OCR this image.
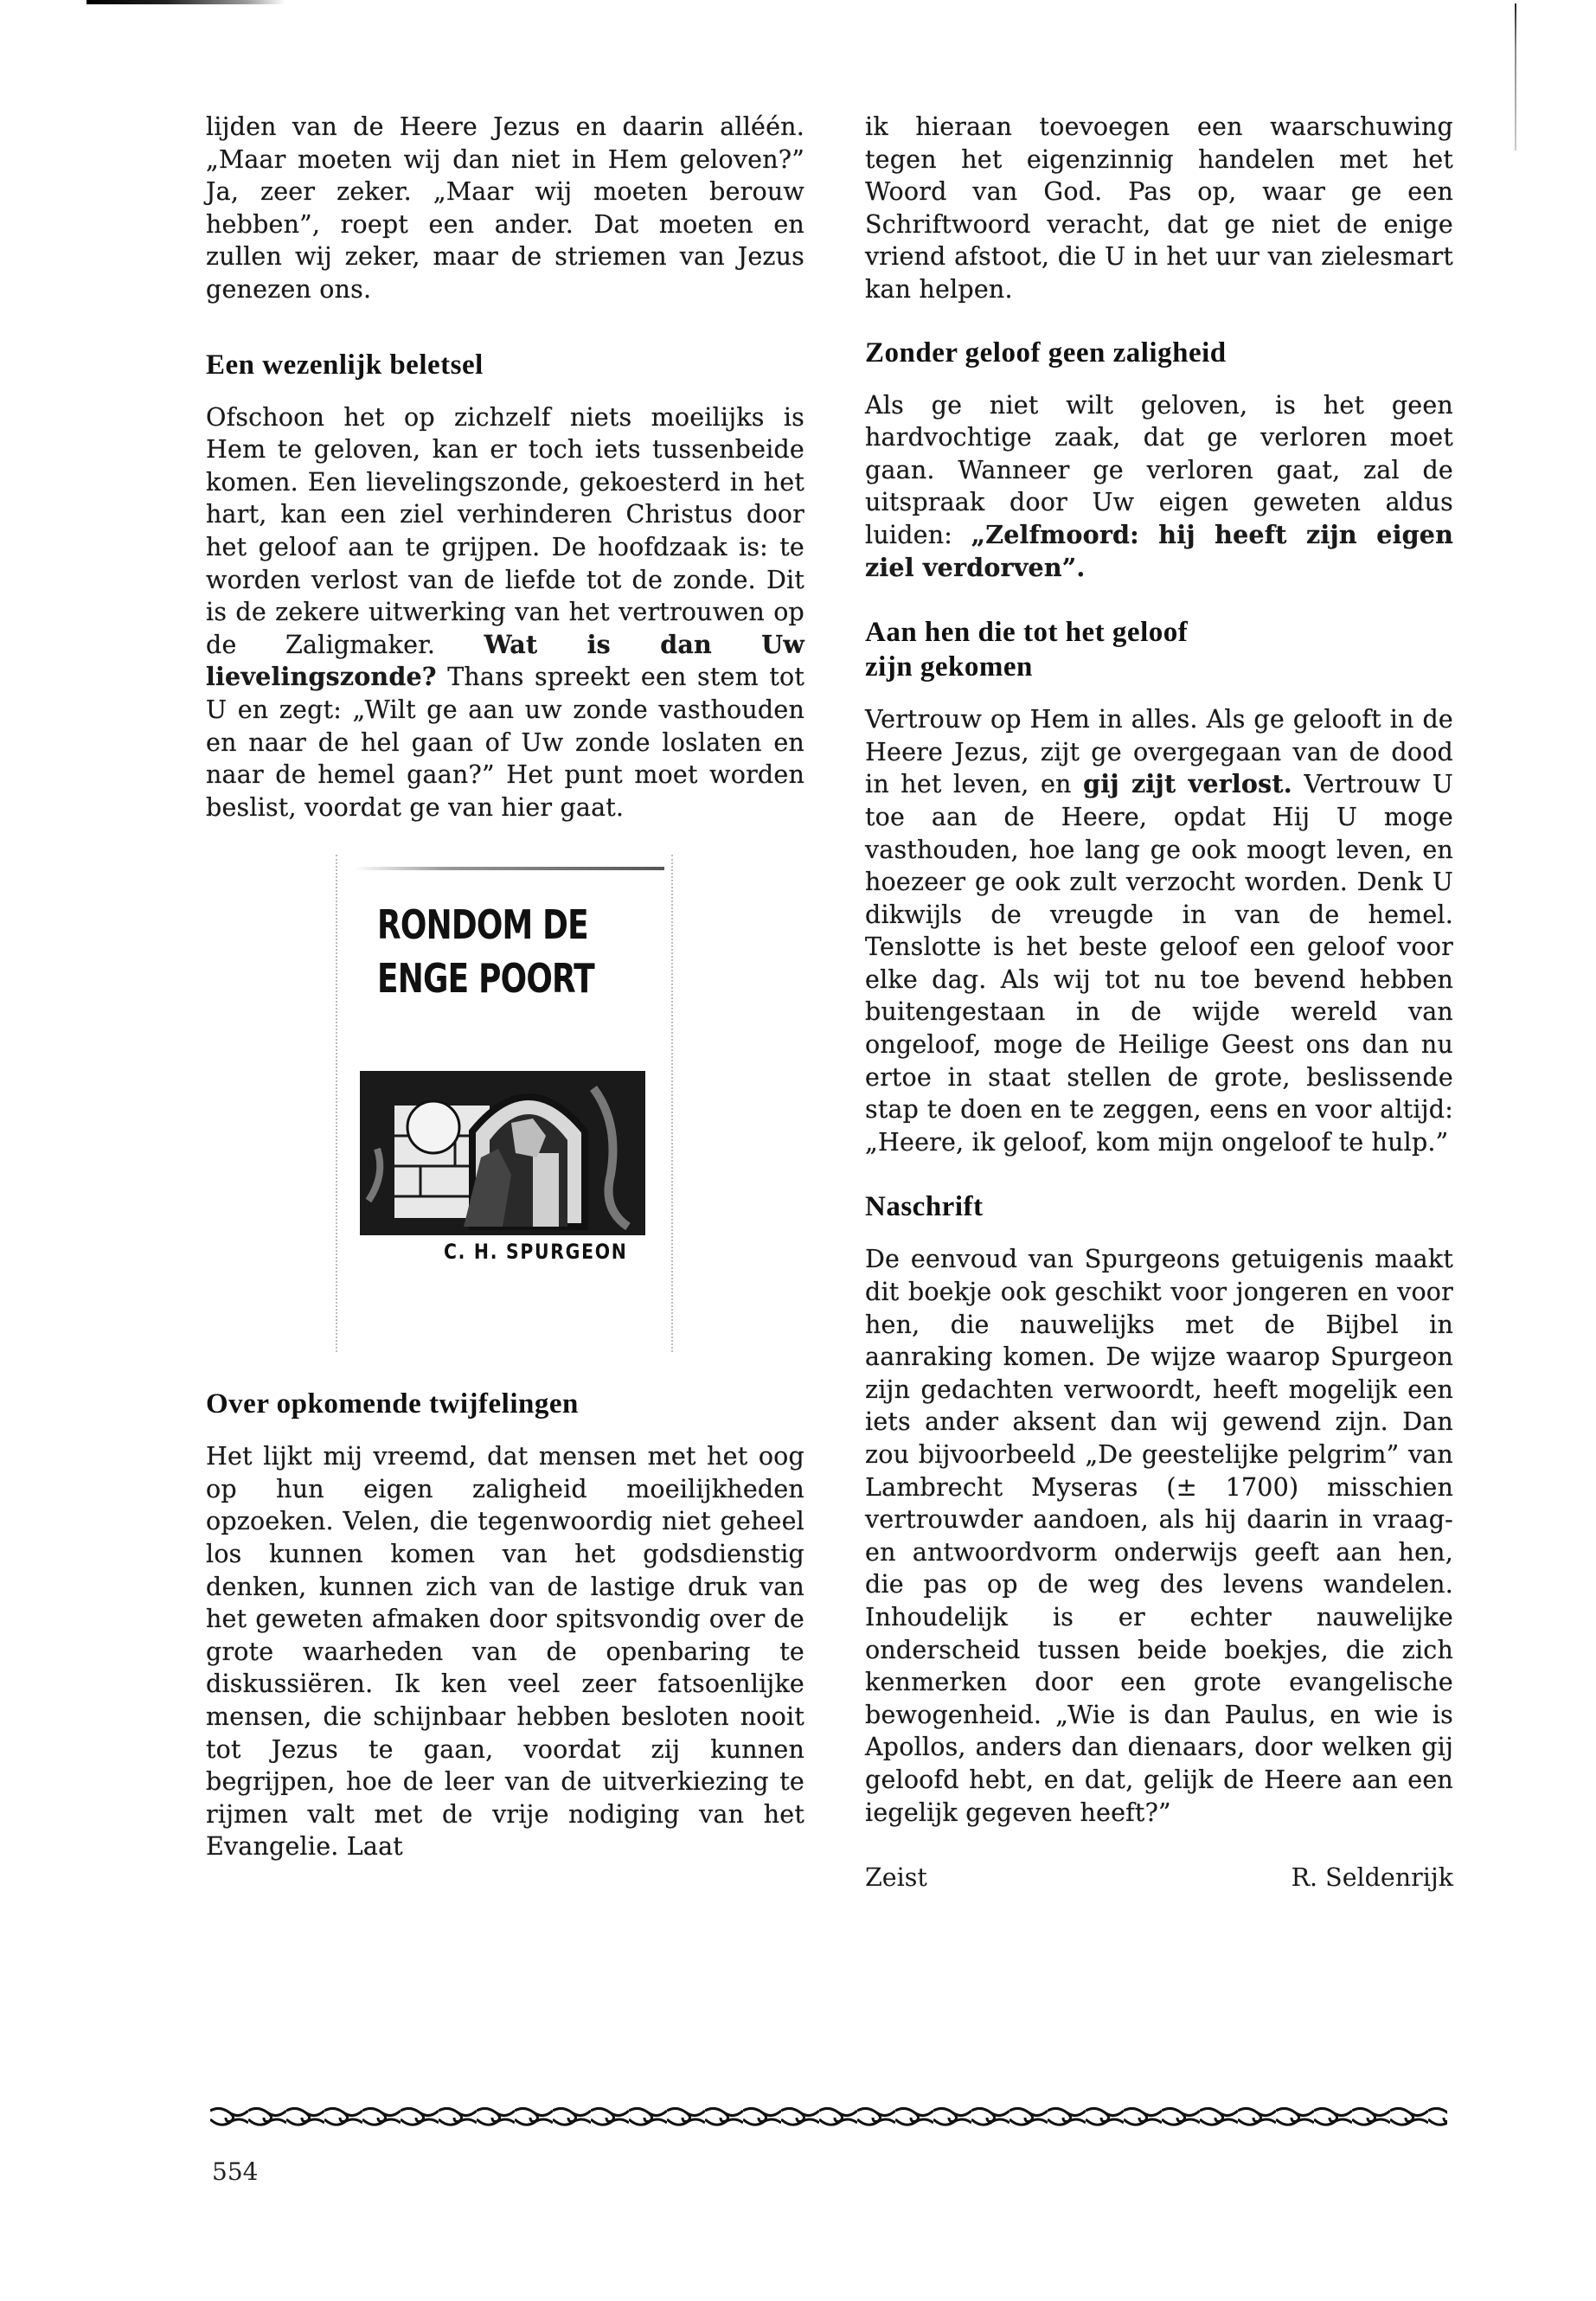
lijden van de Heere Jezus en daarin alléén. „Maar moeten wij dan niet in Hem geloven?” Ja, zeer zeker. „Maar wij moeten berouw hebben”, roept een ander. Dat moeten en zullen wij zeker, maar de striemen van Jezus genezen ons.

Een wezenlijk beletsel

Ofschoon het op zichzelf niets moeilijks is Hem te geloven, kan er toch iets tussenbeide komen. Een lievelingszonde, gekoesterd in het hart, kan een ziel verhinderen Christus door het geloof aan te grijpen. De hoofdzaak is: te worden verlost van de liefde tot de zonde. Dit is de zekere uitwerking van het vertrouwen op de Zaligmaker. Wat is dan Uw lievelingszonde? Thans spreekt een stem tot U en zegt: „Wilt ge aan uw zonde vasthouden en naar de hel gaan of Uw zonde loslaten en naar de hemel gaan?” Het punt moet worden beslist, voordat ge van hier gaat.

RONDOM DE
ENGE POORT
C. H. SPURGEON
Over opkomende twijfelingen

Het lijkt mij vreemd, dat mensen met het oog op hun eigen zaligheid moeilijkheden opzoeken. Velen, die tegenwoordig niet geheel los kunnen komen van het godsdienstig denken, kunnen zich van de lastige druk van het geweten afmaken door spitsvondig over de grote waarheden van de openbaring te diskussiëren. Ik ken veel zeer fatsoenlijke mensen, die schijnbaar hebben besloten nooit tot Jezus te gaan, voordat zij kunnen begrijpen, hoe de leer van de uitverkiezing te rijmen valt met de vrije nodiging van het Evangelie. Laat

ik hieraan toevoegen een waarschuwing tegen het eigenzinnig handelen met het Woord van God. Pas op, waar ge een Schriftwoord veracht, dat ge niet de enige vriend afstoot, die U in het uur van zielesmart kan helpen.

Zonder geloof geen zaligheid

Als ge niet wilt geloven, is het geen hardvochtige zaak, dat ge verloren moet gaan. Wanneer ge verloren gaat, zal de uitspraak door Uw eigen geweten aldus luiden: „Zelfmoord: hij heeft zijn eigen ziel verdorven”.

Aan hen die tot het geloof zijn gekomen

Vertrouw op Hem in alles. Als ge gelooft in de Heere Jezus, zijt ge overgegaan van de dood in het leven, en gij zijt verlost. Vertrouw U toe aan de Heere, opdat Hij U moge vasthouden, hoe lang ge ook moogt leven, en hoezeer ge ook zult verzocht worden. Denk U dikwijls de vreugde in van de hemel. Tenslotte is het beste geloof een geloof voor elke dag. Als wij tot nu toe bevend hebben buitengestaan in de wijde wereld van ongeloof, moge de Heilige Geest ons dan nu ertoe in staat stellen de grote, beslissende stap te doen en te zeggen, eens en voor altijd: „Heere, ik geloof, kom mijn ongeloof te hulp.”

Naschrift

De eenvoud van Spurgeons getuigenis maakt dit boekje ook geschikt voor jongeren en voor hen, die nauwelijks met de Bijbel in aanraking komen. De wijze waarop Spurgeon zijn gedachten verwoordt, heeft mogelijk een iets ander aksent dan wij gewend zijn. Dan zou bijvoorbeeld „De geestelijke pelgrim” van Lambrecht Myseras (± 1700) misschien vertrouwder aandoen, als hij daarin in vraag- en antwoordvorm onderwijs geeft aan hen, die pas op de weg des levens wandelen. Inhoudelijk is er echter nauwelijke onderscheid tussen beide boekjes, die zich kenmerken door een grote evangelische bewogenheid. „Wie is dan Paulus, en wie is Apollos, anders dan dienaars, door welken gij geloofd hebt, en dat, gelijk de Heere aan een iegelijk gegeven heeft?”

Zeist	R. Seldenrijk
554
